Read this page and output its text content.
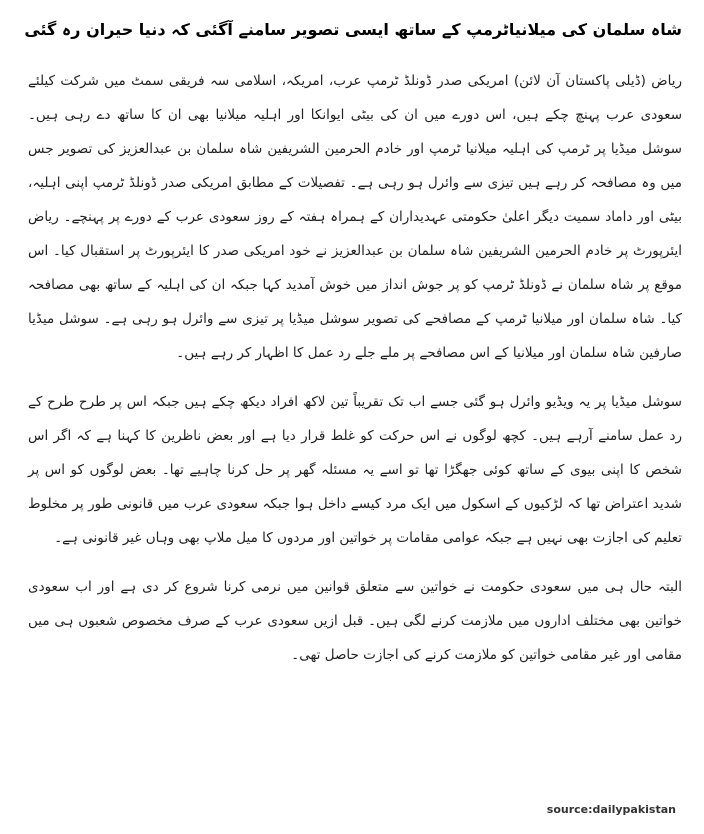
شاہ سلمان کی میلانیاٹرمپ کے ساتھ ایسی تصویر سامنے آگئی کہ دنیا حیران رہ گئی

ریاض (ڈیلی پاکستان آن لائن) امریکی صدر ڈونلڈ ٹرمپ عرب، امریکہ، اسلامی سہ فریقی سمٹ میں شرکت کیلئے سعودی عرب پہنچ چکے ہیں، اس دورے میں ان کی بیٹی ایوانکا اور اہلیہ میلانیا بھی ان کا ساتھ دے رہی ہیں۔ سوشل میڈیا پر ٹرمپ کی اہلیہ میلانیا ٹرمپ اور خادم الحرمین الشریفین شاہ سلمان بن عبدالعزیز کی تصویر جس میں وہ مصافحہ کر رہے ہیں تیزی سے وائرل ہو رہی ہے۔ تفصیلات کے مطابق امریکی صدر ڈونلڈ ٹرمپ اپنی اہلیہ، بیٹی اور داماد سمیت دیگر اعلیٰ حکومتی عہدیداران کے ہمراہ ہفتہ کے روز سعودی عرب کے دورے پر پہنچے۔ ریاض ایئرپورٹ پر خادم الحرمین الشریفین شاہ سلمان بن عبدالعزیز نے خود امریکی صدر کا ایئرپورٹ پر استقبال کیا۔ اس موقع پر شاہ سلمان نے ڈونلڈ ٹرمپ کو پر جوش انداز میں خوش آمدید کہا جبکہ ان کی اہلیہ کے ساتھ بھی مصافحہ کیا۔ شاہ سلمان اور میلانیا ٹرمپ کے مصافحے کی تصویر سوشل میڈیا پر تیزی سے وائرل ہو رہی ہے۔ سوشل میڈیا صارفین شاہ سلمان اور میلانیا کے اس مصافحے پر ملے جلے رد عمل کا اظہار کر رہے ہیں۔

سوشل میڈیا پر یہ ویڈیو وائرل ہو گئی جسے اب تک تقریباً تین لاکھ افراد دیکھ چکے ہیں جبکہ اس پر طرح طرح کے رد عمل سامنے آرہے ہیں۔ کچھ لوگوں نے اس حرکت کو غلط قرار دیا ہے اور بعض ناظرین کا کہنا ہے کہ اگر اس شخص کا اپنی بیوی کے ساتھ کوئی جھگڑا تھا تو اسے یہ مسئلہ گھر پر حل کرنا چاہیے تھا۔ بعض لوگوں کو اس پر شدید اعتراض تھا کہ لڑکیوں کے اسکول میں ایک مرد کیسے داخل ہوا جبکہ سعودی عرب میں قانونی طور پر مخلوط تعلیم کی اجازت بھی نہیں ہے جبکہ عوامی مقامات پر خواتین اور مردوں کا میل ملاپ بھی وہاں غیر قانونی ہے۔

البتہ حال ہی میں سعودی حکومت نے خواتین سے متعلق قوانین میں نرمی کرنا شروع کر دی ہے اور اب سعودی خواتین بھی مختلف اداروں میں ملازمت کرنے لگی ہیں۔ قبل ازیں سعودی عرب کے صرف مخصوص شعبوں ہی میں مقامی اور غیر مقامی خواتین کو ملازمت کرنے کی اجازت حاصل تھی۔

source:dailypakistan
